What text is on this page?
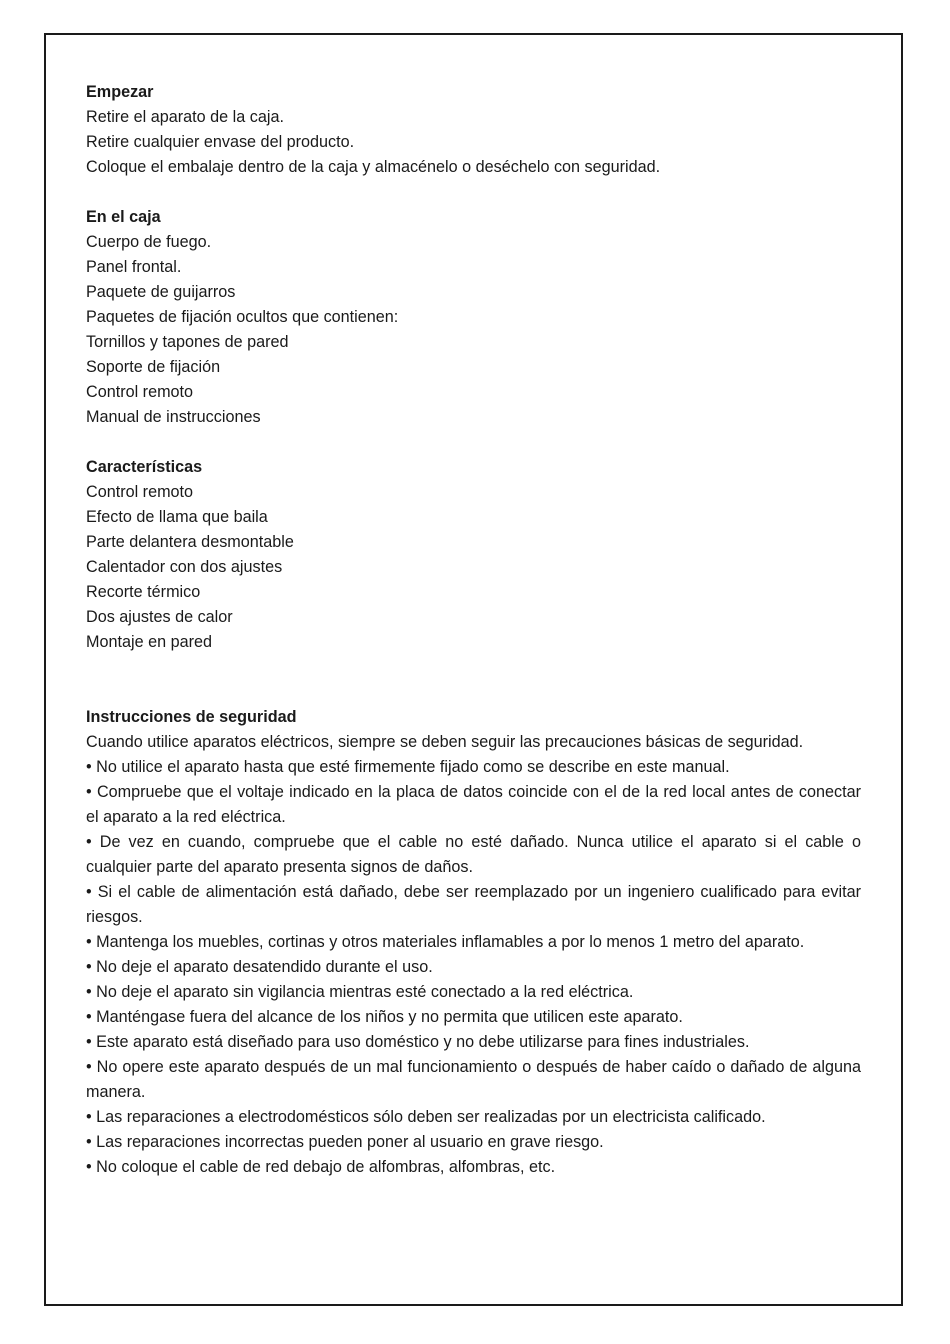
Empezar

Retire el aparato de la caja.

Retire cualquier envase del producto.

Coloque el embalaje dentro de la caja y almacénelo o deséchelo con seguridad.

En el caja

Cuerpo de fuego.

Panel frontal.

Paquete de guijarros

Paquetes de fijación ocultos que contienen:

Tornillos y tapones de pared

Soporte de fijación

Control remoto

Manual de instrucciones

Características

Control remoto

Efecto de llama que baila

Parte delantera desmontable

Calentador con dos ajustes

Recorte térmico

Dos ajustes de calor

Montaje en pared

Instrucciones de seguridad

Cuando utilice aparatos eléctricos, siempre se deben seguir las precauciones básicas de seguridad.

• No utilice el aparato hasta que esté firmemente fijado como se describe en este manual.

• Compruebe que el voltaje indicado en la placa de datos coincide con el de la red local antes de conectar el aparato a la red eléctrica.

• De vez en cuando, compruebe que el cable no esté dañado. Nunca utilice el aparato si el cable o cualquier parte del aparato presenta signos de daños.

• Si el cable de alimentación está dañado, debe ser reemplazado por un ingeniero cualificado para evitar riesgos.

• Mantenga los muebles, cortinas y otros materiales inflamables a por lo menos 1 metro del aparato.

• No deje el aparato desatendido durante el uso.

• No deje el aparato sin vigilancia mientras esté conectado a la red eléctrica.

• Manténgase fuera del alcance de los niños y no permita que utilicen este aparato.

• Este aparato está diseñado para uso doméstico y no debe utilizarse para fines industriales.

• No opere este aparato después de un mal funcionamiento o después de haber caído o dañado de alguna manera.

• Las reparaciones a electrodomésticos sólo deben ser realizadas por un electricista calificado.

• Las reparaciones incorrectas pueden poner al usuario en grave riesgo.

• No coloque el cable de red debajo de alfombras, alfombras, etc.
